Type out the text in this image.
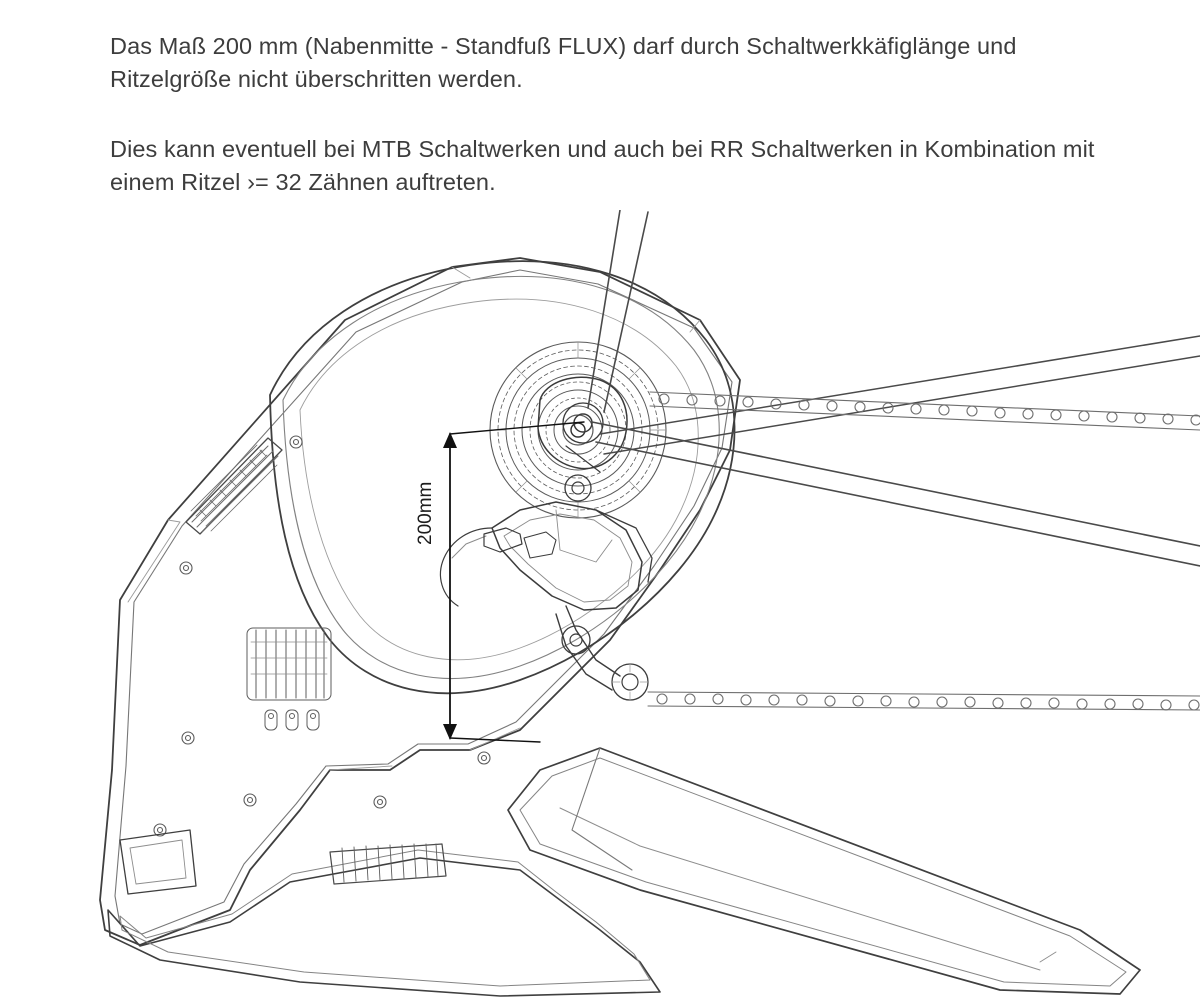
Das Maß 200 mm (Nabenmitte - Standfuß FLUX) darf durch Schaltwerkkäfiglänge und Ritzelgröße nicht überschritten werden.

Dies kann eventuell bei MTB Schaltwerken und auch bei RR Schaltwerken in Kombination mit einem Ritzel ›= 32 Zähnen auftreten.

200mm
